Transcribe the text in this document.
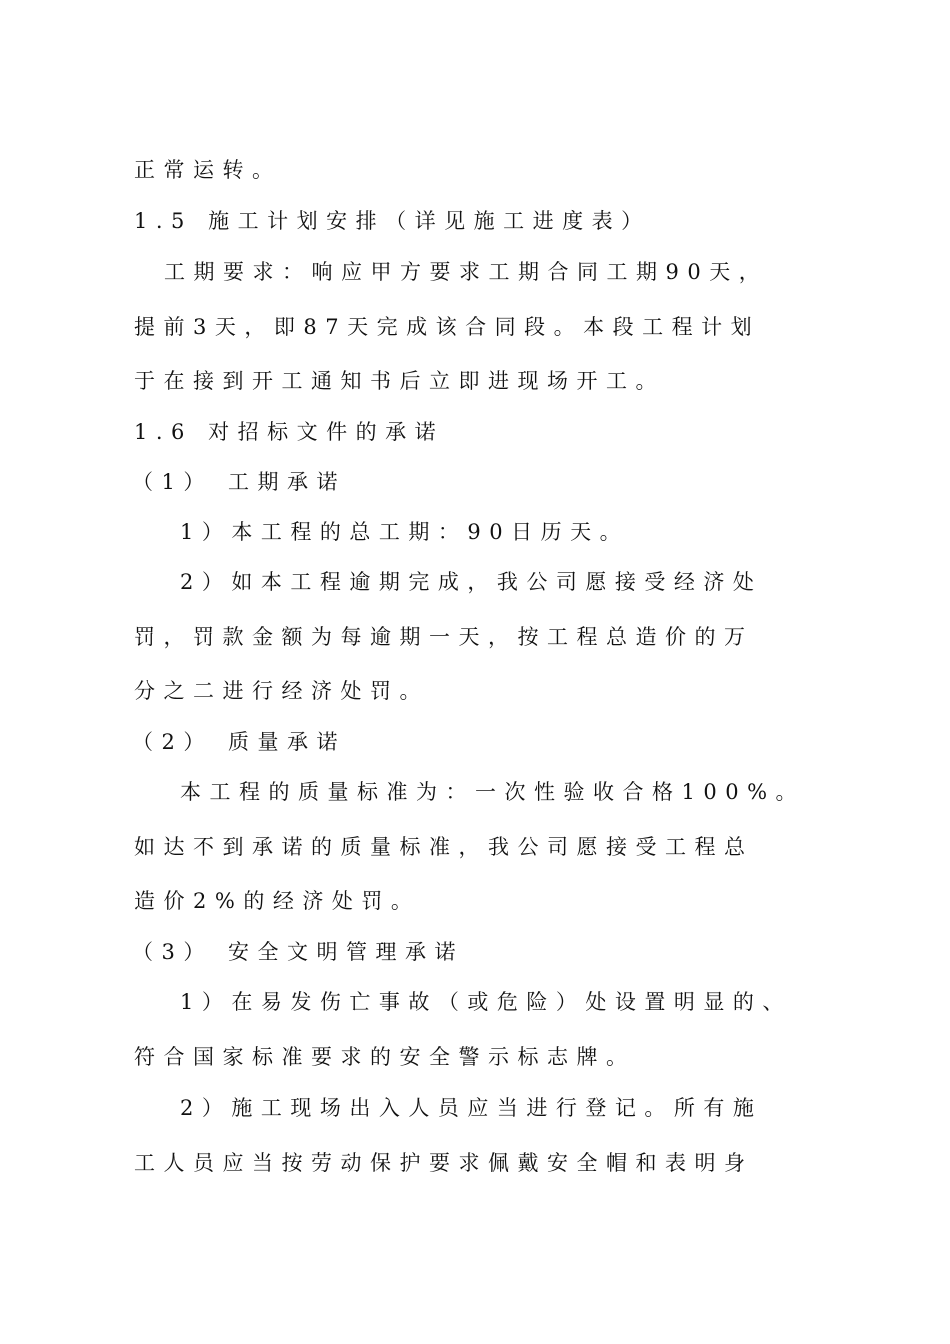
正常运转。
1.5 施工计划安排（详见施工进度表）
工期要求：响应甲方要求工期合同工期90天，
提前3天，即87天完成该合同段。本段工程计划
于在接到开工通知书后立即进现场开工。
1.6 对招标文件的承诺
（1） 工期承诺
1）本工程的总工期：90日历天。
2）如本工程逾期完成，我公司愿接受经济处
罚，罚款金额为每逾期一天，按工程总造价的万
分之二进行经济处罚。
（2） 质量承诺
本工程的质量标准为：一次性验收合格100%。
如达不到承诺的质量标准，我公司愿接受工程总
造价2%的经济处罚。
（3） 安全文明管理承诺
1）在易发伤亡事故（或危险）处设置明显的、
符合国家标准要求的安全警示标志牌。
2）施工现场出入人员应当进行登记。所有施
工人员应当按劳动保护要求佩戴安全帽和表明身
